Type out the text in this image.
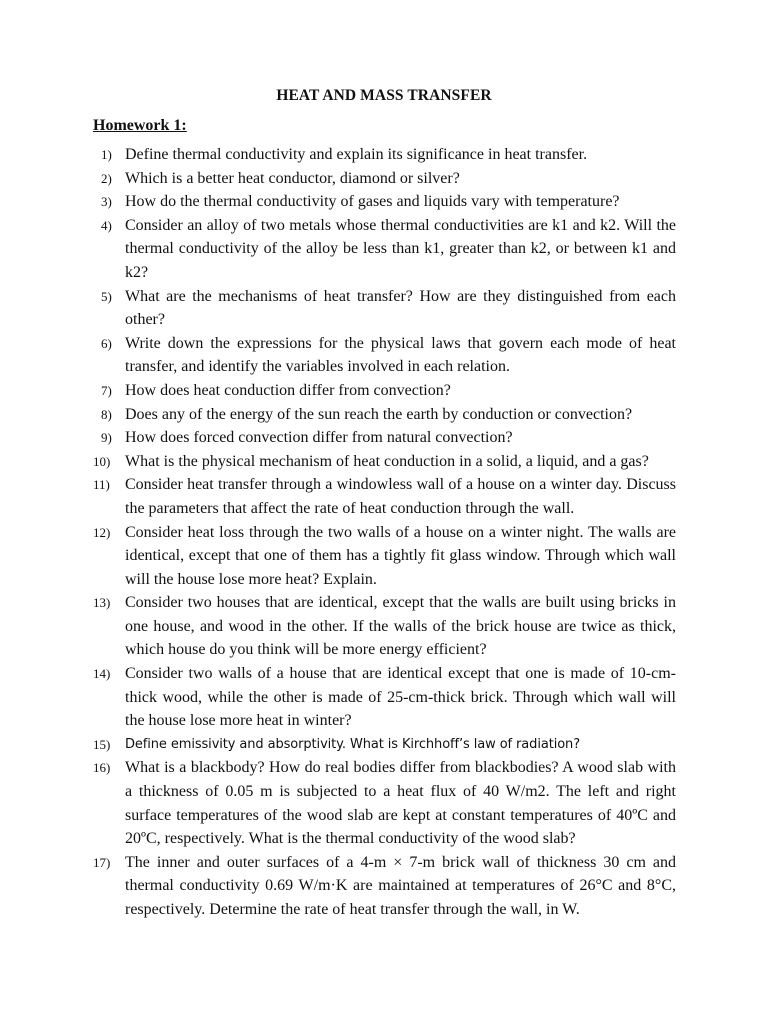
HEAT AND MASS TRANSFER
Homework 1:
1) Define thermal conductivity and explain its significance in heat transfer.
2) Which is a better heat conductor, diamond or silver?
3) How do the thermal conductivity of gases and liquids vary with temperature?
4) Consider an alloy of two metals whose thermal conductivities are k1 and k2. Will the thermal conductivity of the alloy be less than k1, greater than k2, or between k1 and k2?
5) What are the mechanisms of heat transfer? How are they distinguished from each other?
6) Write down the expressions for the physical laws that govern each mode of heat transfer, and identify the variables involved in each relation.
7) How does heat conduction differ from convection?
8) Does any of the energy of the sun reach the earth by conduction or convection?
9) How does forced convection differ from natural convection?
10) What is the physical mechanism of heat conduction in a solid, a liquid, and a gas?
11) Consider heat transfer through a windowless wall of a house on a winter day. Discuss the parameters that affect the rate of heat conduction through the wall.
12) Consider heat loss through the two walls of a house on a winter night. The walls are identical, except that one of them has a tightly fit glass window. Through which wall will the house lose more heat? Explain.
13) Consider two houses that are identical, except that the walls are built using bricks in one house, and wood in the other. If the walls of the brick house are twice as thick, which house do you think will be more energy efficient?
14) Consider two walls of a house that are identical except that one is made of 10-cm-thick wood, while the other is made of 25-cm-thick brick. Through which wall will the house lose more heat in winter?
15)	Define emissivity and absorptivity. What is Kirchhoff’s law of radiation?
16) What is a blackbody? How do real bodies differ from blackbodies? A wood slab with a thickness of 0.05 m is subjected to a heat flux of 40 W/m2. The left and right surface temperatures of the wood slab are kept at constant temperatures of 40ºC and 20ºC, respectively. What is the thermal conductivity of the wood slab?
17) The inner and outer surfaces of a 4-m × 7-m brick wall of thickness 30 cm and thermal conductivity 0.69 W/m·K are maintained at temperatures of 26°C and 8°C, respectively. Determine the rate of heat transfer through the wall, in W.
